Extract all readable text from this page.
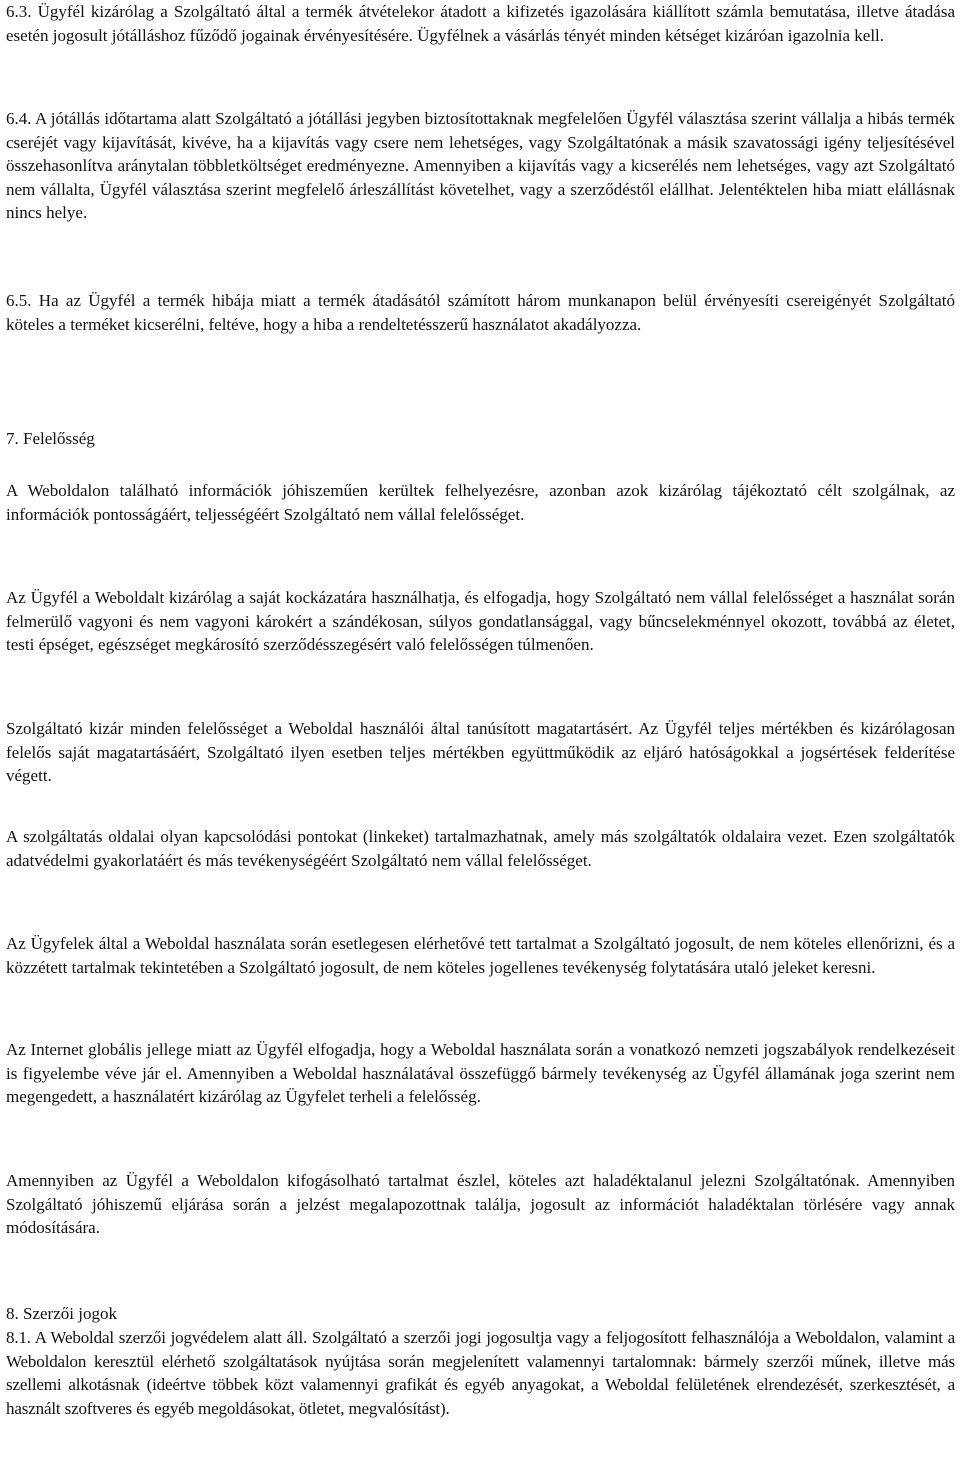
6.3. Ügyfél kizárólag a Szolgáltató által a termék átvételekor átadott a kifizetés igazolására kiállított számla bemutatása, illetve átadása esetén jogosult jótálláshoz fűződő jogainak érvényesítésére. Ügyfélnek a vásárlás tényét minden kétséget kizáróan igazolnia kell.

6.4. A jótállás időtartama alatt Szolgáltató a jótállási jegyben biztosítottaknak megfelelően Ügyfél választása szerint vállalja a hibás termék cseréjét vagy kijavítását, kivéve, ha a kijavítás vagy csere nem lehetséges, vagy Szolgáltatónak a másik szavatossági igény teljesítésével összehasonlítva aránytalan többletköltséget eredményezne. Amennyiben a kijavítás vagy a kicserélés nem lehetséges, vagy azt Szolgáltató nem vállalta, Ügyfél választása szerint megfelelő árleszállítást követelhet, vagy a szerződéstől elállhat. Jelentéktelen hiba miatt elállásnak nincs helye.

6.5. Ha az Ügyfél a termék hibája miatt a termék átadásától számított három munkanapon belül érvényesíti csereigényét Szolgáltató köteles a terméket kicserélni, feltéve, hogy a hiba a rendeltetésszerű használatot akadályozza.

7. Felelősség

A Weboldalon található információk jóhiszeműen kerültek felhelyezésre, azonban azok kizárólag tájékoztató célt szolgálnak, az információk pontosságáért, teljességéért Szolgáltató nem vállal felelősséget.

Az Ügyfél a Weboldalt kizárólag a saját kockázatára használhatja, és elfogadja, hogy Szolgáltató nem vállal felelősséget a használat során felmerülő vagyoni és nem vagyoni károkért a szándékosan, súlyos gondatlansággal, vagy bűncselekménnyel okozott, továbbá az életet, testi épséget, egészséget megkárosító szerződésszegésért való felelősségen túlmenően.

Szolgáltató kizár minden felelősséget a Weboldal használói által tanúsított magatartásért. Az Ügyfél teljes mértékben és kizárólagosan felelős saját magatartásáért, Szolgáltató ilyen esetben teljes mértékben együttműködik az eljáró hatóságokkal a jogsértések felderítése végett.

A szolgáltatás oldalai olyan kapcsolódási pontokat (linkeket) tartalmazhatnak, amely más szolgáltatók oldalaira vezet. Ezen szolgáltatók adatvédelmi gyakorlatáért és más tevékenységéért Szolgáltató nem vállal felelősséget.

Az Ügyfelek által a Weboldal használata során esetlegesen elérhetővé tett tartalmat a Szolgáltató jogosult, de nem köteles ellenőrizni, és a közzétett tartalmak tekintetében a Szolgáltató jogosult, de nem köteles jogellenes tevékenység folytatására utaló jeleket keresni.

Az Internet globális jellege miatt az Ügyfél elfogadja, hogy a Weboldal használata során a vonatkozó nemzeti jogszabályok rendelkezéseit is figyelembe véve jár el. Amennyiben a Weboldal használatával összefüggő bármely tevékenység az Ügyfél államának joga szerint nem megengedett, a használatért kizárólag az Ügyfelet terheli a felelősség.

Amennyiben az Ügyfél a Weboldalon kifogásolható tartalmat észlel, köteles azt haladéktalanul jelezni Szolgáltatónak. Amennyiben Szolgáltató jóhiszemű eljárása során a jelzést megalapozottnak találja, jogosult az információt haladéktalan törlésére vagy annak módosítására.

8. Szerzői jogok

8.1. A Weboldal szerzői jogvédelem alatt áll. Szolgáltató a szerzői jogi jogosultja vagy a feljogosított felhasználója a Weboldalon, valamint a Weboldalon keresztül elérhető szolgáltatások nyújtása során megjelenített valamennyi tartalomnak: bármely szerzői műnek, illetve más szellemi alkotásnak (ideértve többek közt valamennyi grafikát és egyéb anyagokat, a Weboldal felületének elrendezését, szerkesztését, a használt szoftveres és egyéb megoldásokat, ötletet, megvalósítást).
